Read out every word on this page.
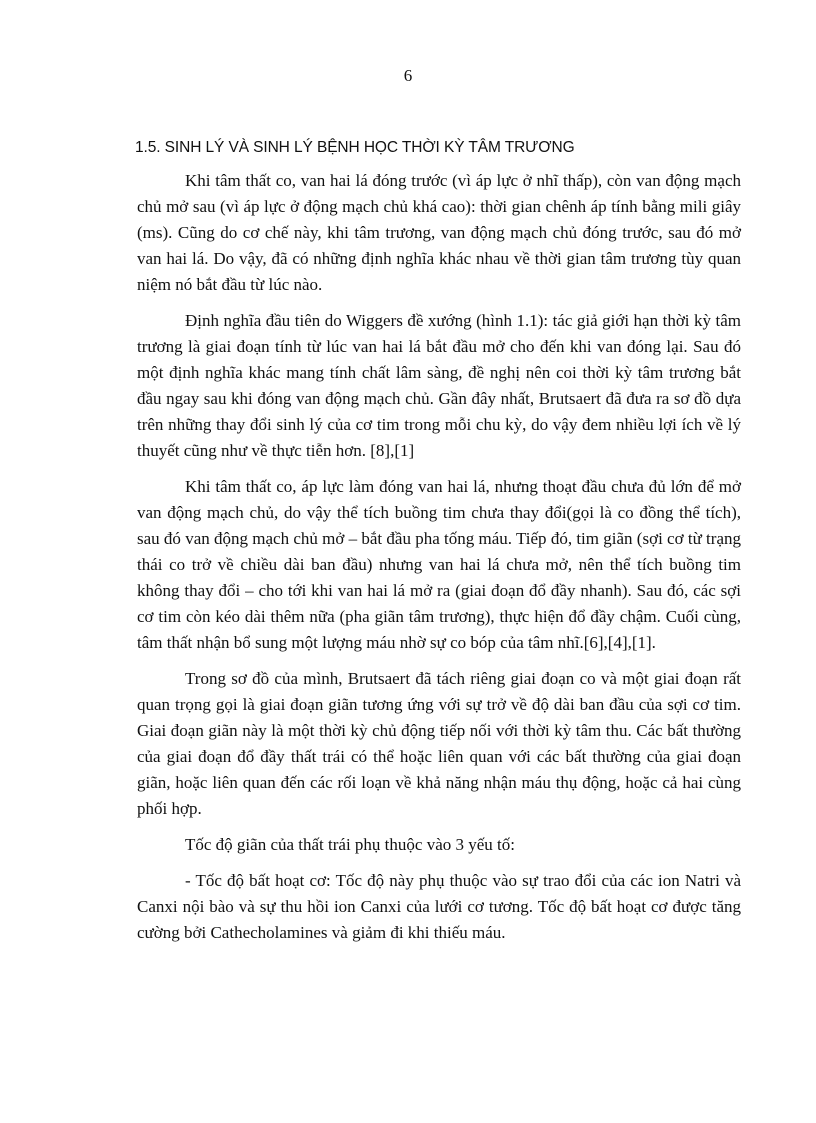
6
1.5. SINH LÝ VÀ SINH LÝ BỆNH HỌC THỜI KỲ TÂM TRƯƠNG

Khi tâm thất co, van hai lá đóng trước (vì áp lực ở nhĩ thấp), còn van động mạch chủ mở sau (vì áp lực ở động mạch chủ khá cao): thời gian chênh áp tính bằng mili giây (ms). Cũng do cơ chế này, khi tâm trương, van động mạch chủ đóng trước, sau đó mở van hai lá. Do vậy, đã có những định nghĩa khác nhau về thời gian tâm trương tùy quan niệm nó bắt đầu từ lúc nào.

Định nghĩa đầu tiên do Wiggers đề xướng (hình 1.1): tác giả giới hạn thời kỳ tâm trương là giai đoạn tính từ lúc van hai lá bắt đầu mở cho đến khi van đóng lại. Sau đó một định nghĩa khác mang tính chất lâm sàng, đề nghị nên coi thời kỳ tâm trương bắt đầu ngay sau khi đóng van động mạch chủ. Gần đây nhất, Brutsaert đã đưa ra sơ đồ dựa trên những thay đổi sinh lý của cơ tim trong mỗi chu kỳ, do vậy đem nhiều lợi ích về lý thuyết cũng như về thực tiễn hơn. [8],[1]

Khi tâm thất co, áp lực làm đóng van hai lá, nhưng thoạt đầu chưa đủ lớn để mở van động mạch chủ, do vậy thể tích buồng tim chưa thay đổi(gọi là co đồng thể tích), sau đó van động mạch chủ mở – bắt đầu pha tống máu. Tiếp đó, tim giãn (sợi cơ từ trạng thái co trở về chiều dài ban đầu) nhưng van hai lá chưa mở, nên thể tích buồng tim không thay đổi – cho tới khi van hai lá mở ra (giai đoạn đổ đầy nhanh). Sau đó, các sợi cơ tim còn kéo dài thêm nữa (pha giãn tâm trương), thực hiện đổ đầy chậm. Cuối cùng, tâm thất nhận bổ sung một lượng máu nhờ sự co bóp của tâm nhĩ.[6],[4],[1].

Trong sơ đồ của mình, Brutsaert đã tách riêng giai đoạn co và một giai đoạn rất quan trọng gọi là giai đoạn giãn tương ứng với sự trở về độ dài ban đầu của sợi cơ tim. Giai đoạn giãn này là một thời kỳ chủ động tiếp nối với thời kỳ tâm thu. Các bất thường của giai đoạn đổ đầy thất trái có thể hoặc liên quan với các bất thường của giai đoạn giãn, hoặc liên quan đến các rối loạn về khả năng nhận máu thụ động, hoặc cả hai cùng phối hợp.

Tốc độ giãn của thất trái phụ thuộc vào 3 yếu tố:

- Tốc độ bất hoạt cơ: Tốc độ này phụ thuộc vào sự trao đổi của các ion Natri và Canxi nội bào và sự thu hồi ion Canxi của lưới cơ tương. Tốc độ bất hoạt cơ được tăng cường bởi Cathecholamines và giảm đi khi thiếu máu.
